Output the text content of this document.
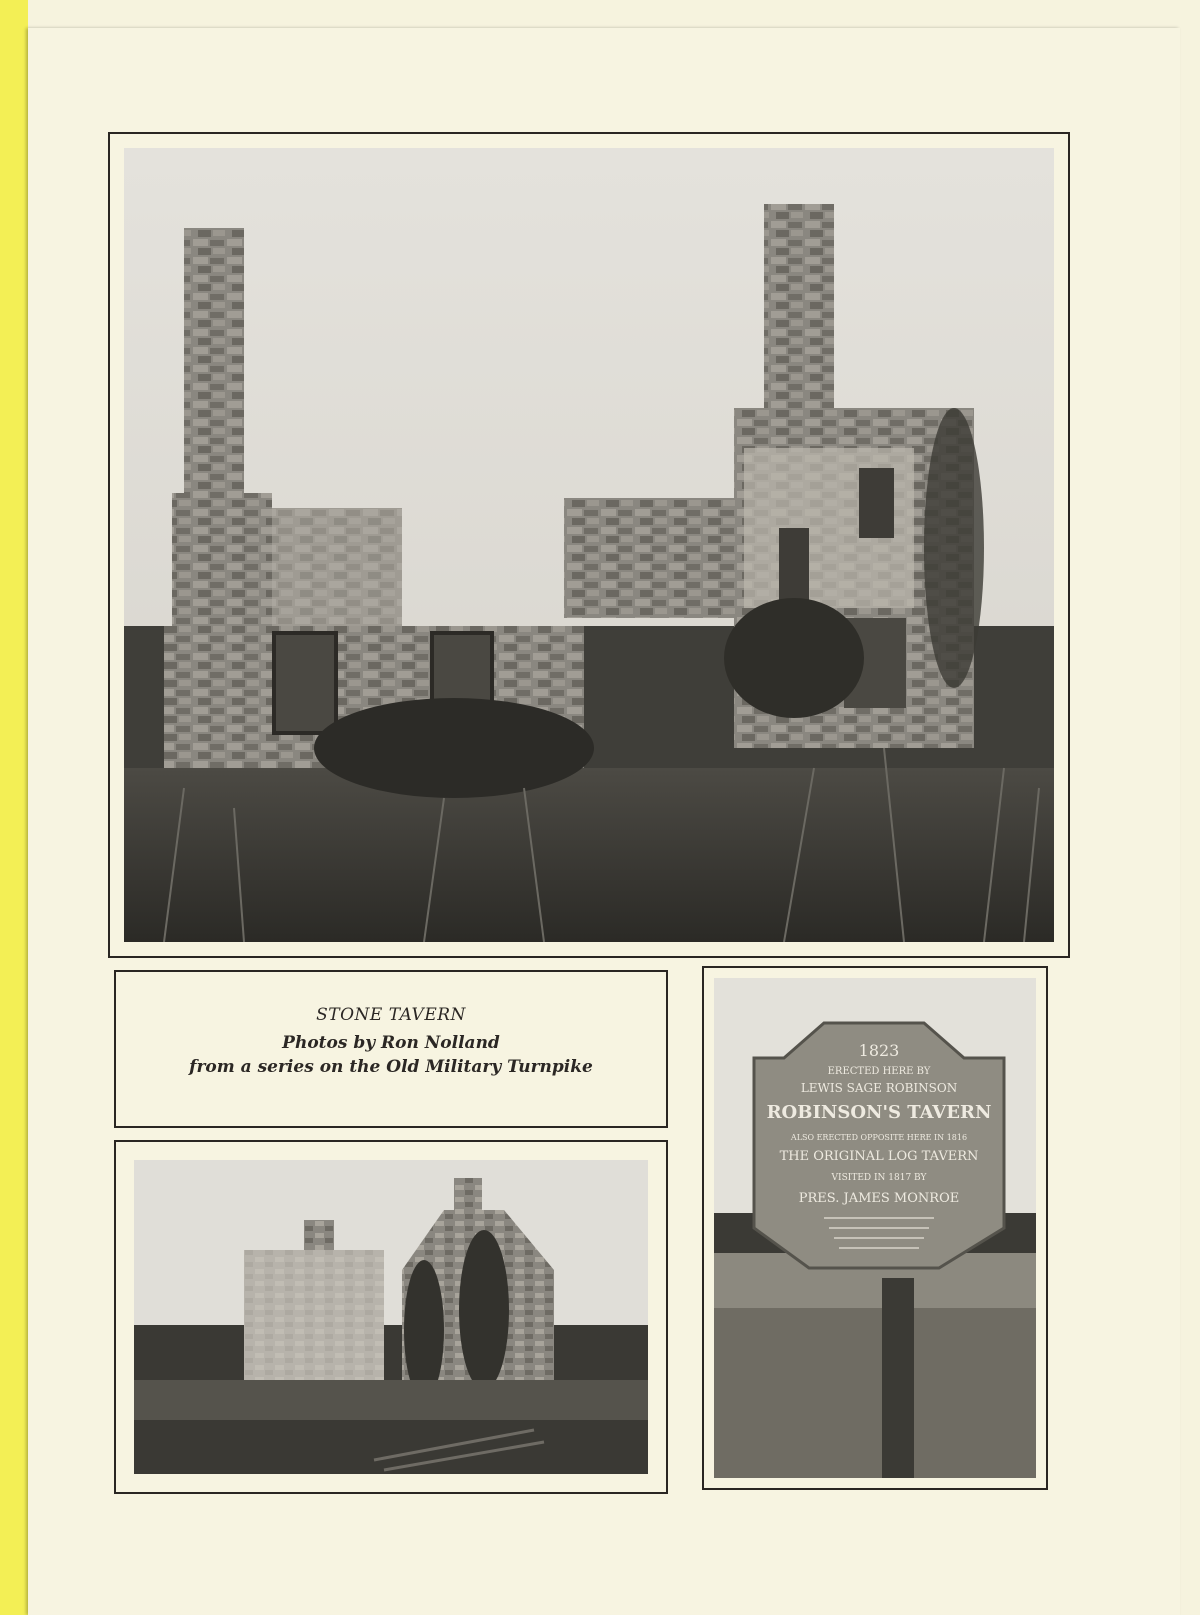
STONE TAVERN
Photos by Ron Nolland
from a series on the Old Military Turnpike
1823
ERECTED HERE BY
LEWIS SAGE ROBINSON
ROBINSON'S TAVERN
ALSO ERECTED OPPOSITE HERE IN 1816
THE ORIGINAL LOG TAVERN
VISITED IN 1817 BY
PRES. JAMES MONROE
